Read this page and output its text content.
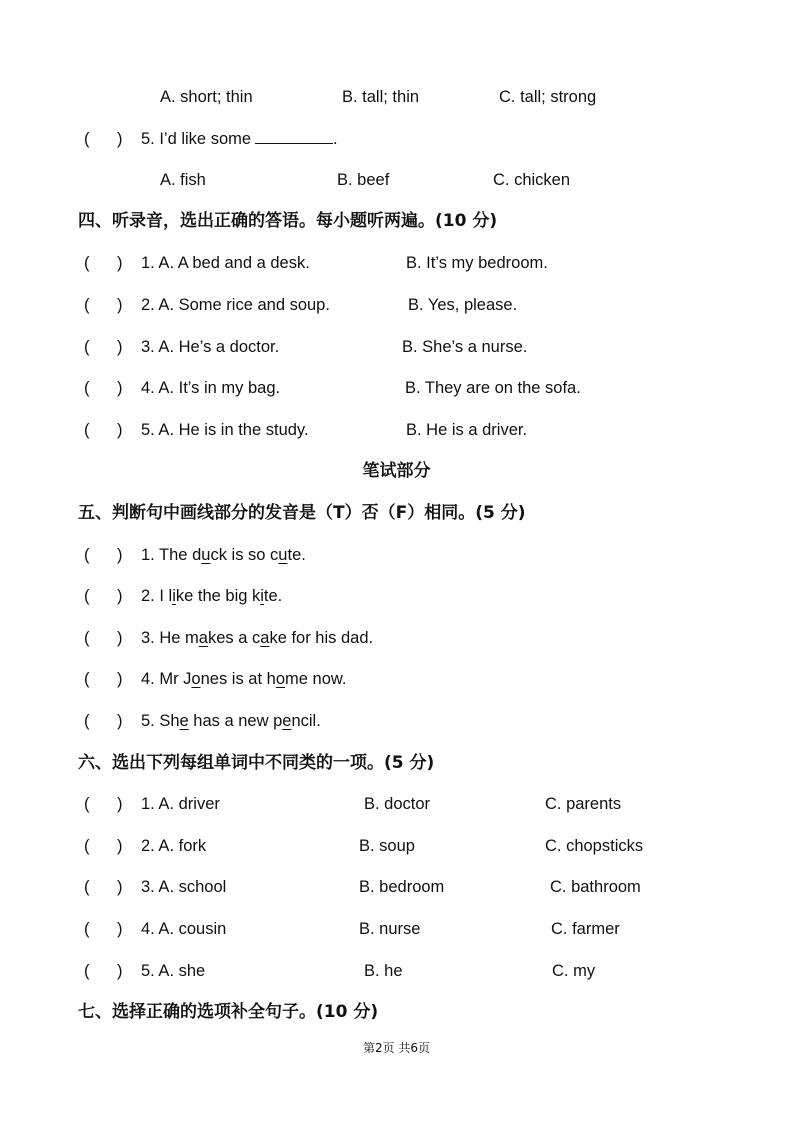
A. short; thin	B. tall; thin	C. tall; strong
(      ) 5. I’d like some	.
A. fish	B. beef	C. chicken
四、听录音，选出正确的答语。每小题听两遍。(10 分)
(      ) 1. A. A bed and a desk.	B. It’s my bedroom.
(      ) 2. A. Some rice and soup.	B. Yes, please.
(      ) 3. A. He’s a doctor.	B. She’s a nurse.
(      ) 4. A. It’s in my bag.	B. They are on the sofa.
(      ) 5. A. He is in the study.	B. He is a driver.
笔试部分
五、判断句中画线部分的发音是（T）否（F）相同。(5 分)
(      ) 1. The duck is so cute.
(      ) 2. I like the big kite.
(      ) 3. He makes a cake for his dad.
(      ) 4. Mr Jones is at home now.
(      ) 5. She has a new pencil.
六、选出下列每组单词中不同类的一项。(5 分)
(      ) 1. A. driver	B. doctor	C. parents
(      ) 2. A. fork	B. soup	C. chopsticks
(      ) 3. A. school	B. bedroom	C. bathroom
(      ) 4. A. cousin	B. nurse	C. farmer
(      ) 5. A. she	B. he	C. my
七、选择正确的选项补全句子。(10 分)
第2页 共6页
